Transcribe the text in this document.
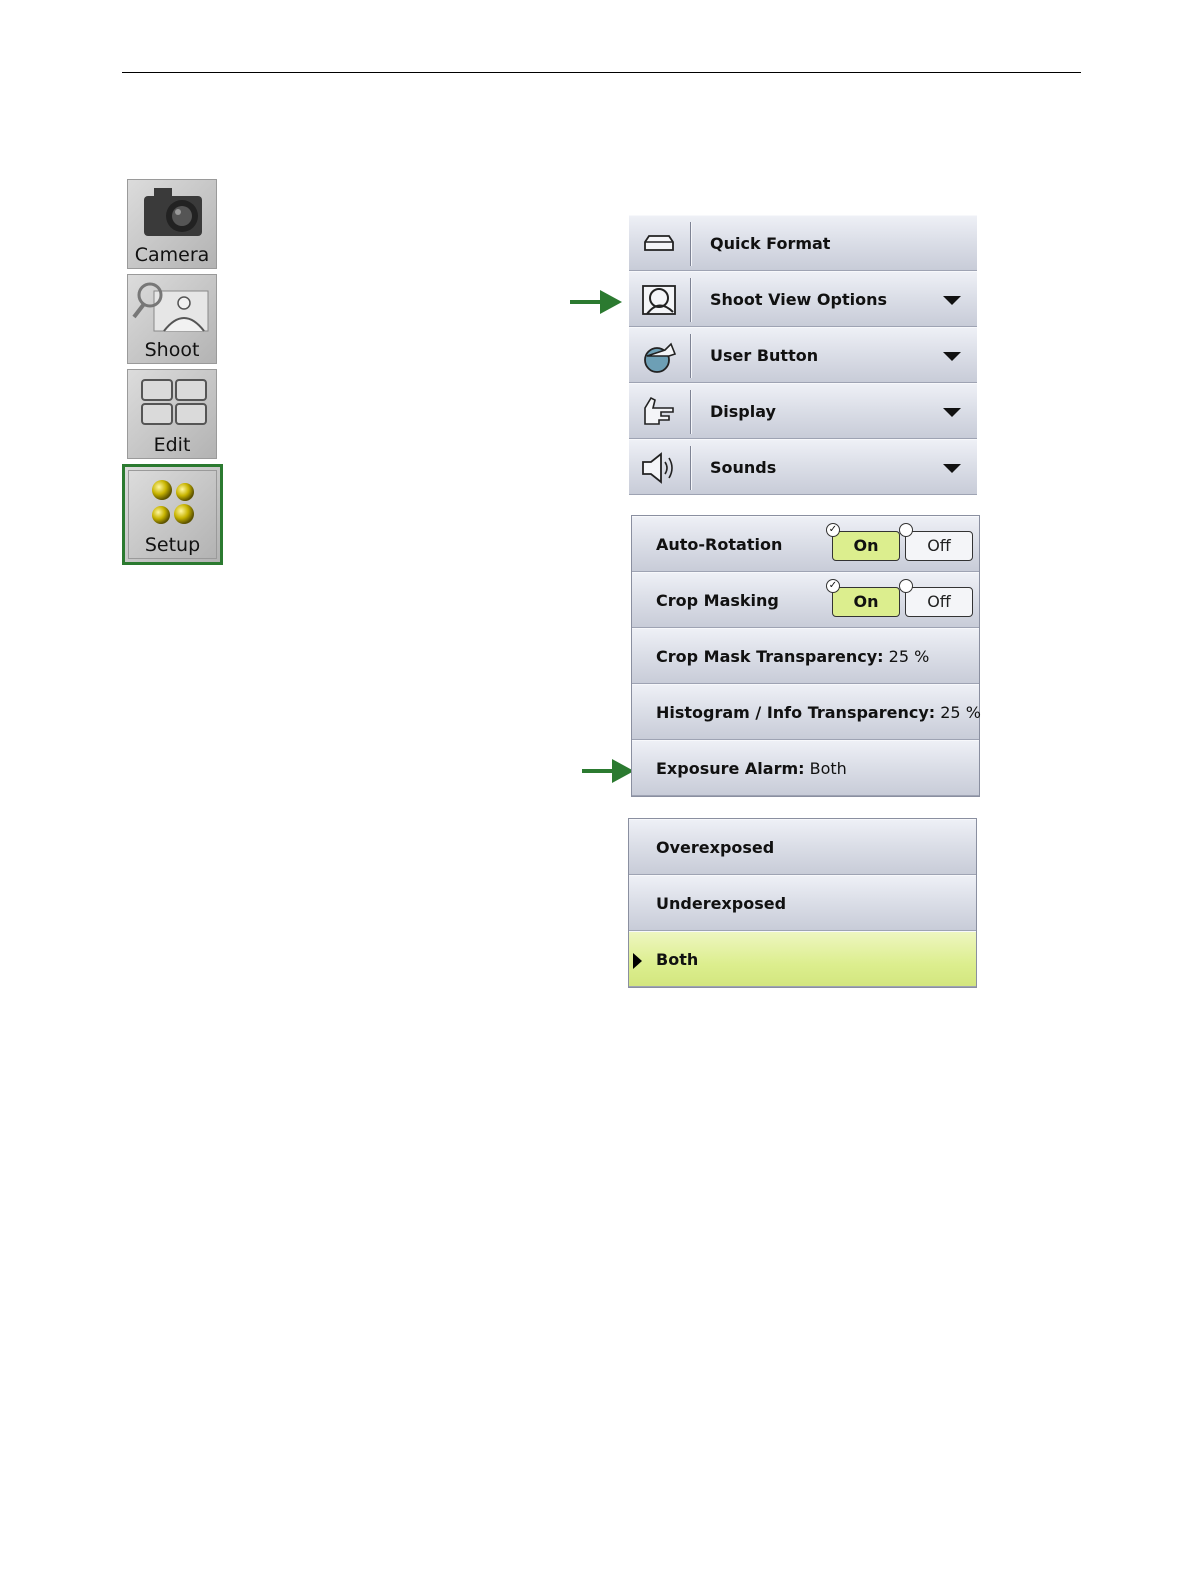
Camera
Shoot
Edit
Setup
Quick Format
Shoot View Options
User Button
Display
Sounds
Auto-Rotation
✓
On	Off
Crop Masking
✓
On	Off
Crop Mask Transparency: 25 %
Histogram / Info Transparency: 25 %
Exposure Alarm: Both
Overexposed
Underexposed
Both
